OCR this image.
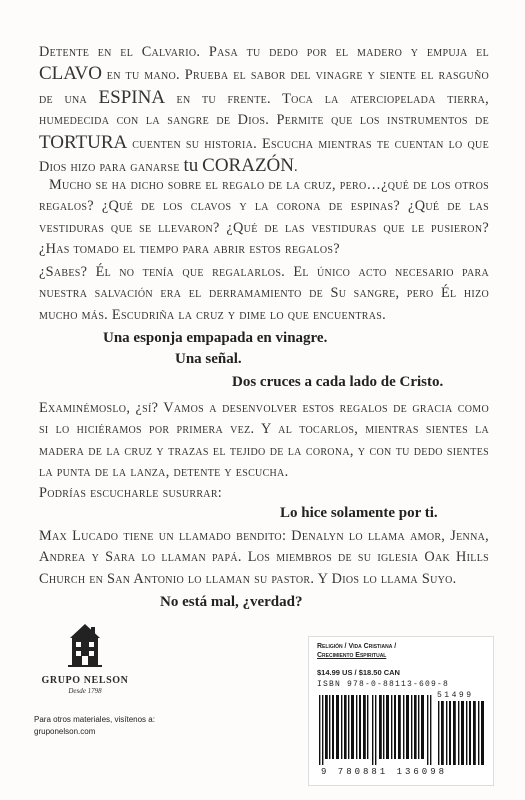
Detente en el Calvario. Pasa tu dedo por el madero y empuja el CLAVO en tu mano. Prueba el sabor del vinagre y siente el rasguño de una ESPINA en tu frente. Toca la aterciopelada tierra, humedecida con la sangre de Dios. Permite que los instrumentos de TORTURA cuenten su historia. Escucha mientras te cuentan lo que Dios hizo para ganarse tu CORAZÓN.
Mucho se ha dicho sobre el regalo de la cruz, pero…¿qué de los otros regalos? ¿Qué de los clavos y la corona de espinas? ¿Qué de las vestiduras que se llevaron? ¿Qué de las vestiduras que le pusieron? ¿Has tomado el tiempo para abrir estos regalos?
¿Sabes? Él no tenía que regalarlos. El único acto necesario para nuestra salvación era el derramamiento de Su sangre, pero Él hizo mucho más. Escudriña la cruz y dime lo que encuentras.
Una esponja empapada en vinagre.
Una señal.
Dos cruces a cada lado de Cristo.
Examinémoslo, ¿sí? Vamos a desenvolver estos regalos de gracia como si lo hiciéramos por primera vez. Y al tocarlos, mientras sientes la madera de la cruz y trazas el tejido de la corona, y con tu dedo sientes la punta de la lanza, detente y escucha.
Podrías escucharle susurrar:
Lo hice solamente por ti.
Max Lucado tiene un llamado bendito: Denalyn lo llama amor, Jenna, Andrea y Sara lo llaman papá. Los miembros de su iglesia Oak Hills Church en San Antonio lo llaman su pastor. Y Dios lo llama Suyo.
No está mal, ¿verdad?
GRUPO NELSON
Desde 1798
Para otros materiales, visítenos a:
gruponelson.com
Religión / Vida Cristiana /
Crecimiento Espiritual
$14.99 US / $18.50 CAN
ISBN 978-0-88113-609-8
51499
9 780881 136098
